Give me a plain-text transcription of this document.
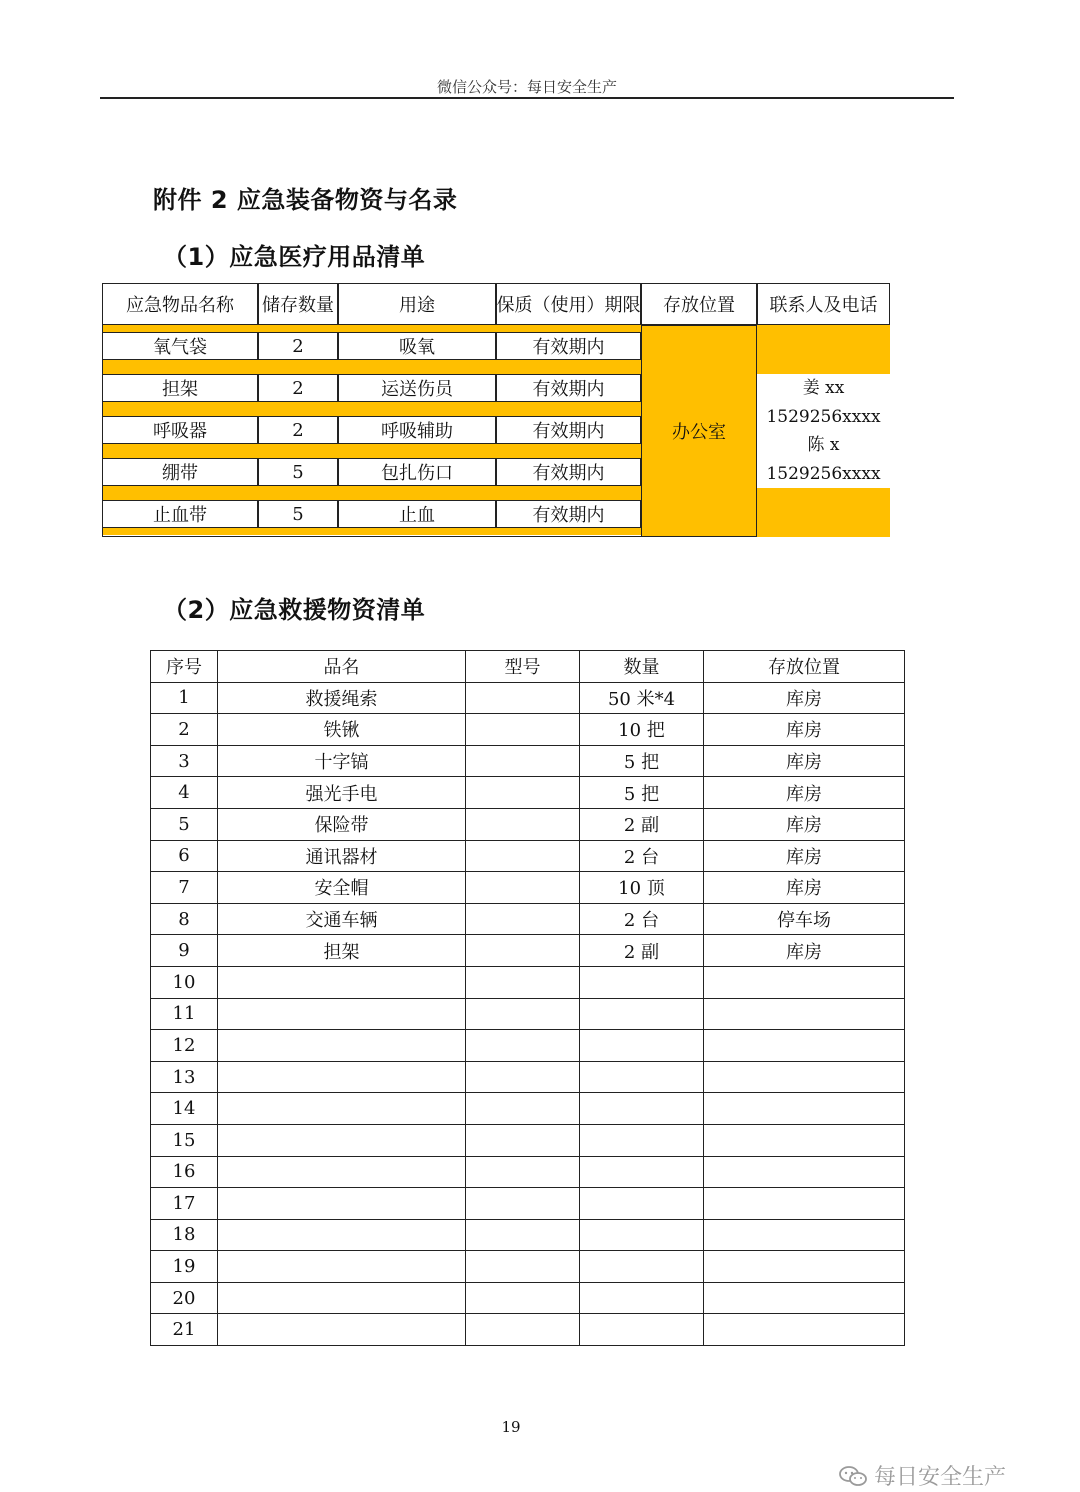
微信公众号：每日安全生产
附件 2 应急装备物资与名录
（1）应急医疗用品清单
应急物品名称	储存数量	用途	保质（使用）期限	存放位置	联系人及电话
氧气袋	2	吸氧	有效期内
担架	2	运送伤员	有效期内
呼吸器	2	呼吸辅助	有效期内
绷带	5	包扎伤口	有效期内
止血带	5	止血	有效期内
办公室
姜 xx
1529256xxxx
陈 x
1529256xxxx
（2）应急救援物资清单
序号	品名	型号	数量	存放位置
1	救援绳索		50 米*4	库房
2	铁锹		10 把	库房
3	十字镐		5 把	库房
4	强光手电		5 把	库房
5	保险带		2 副	库房
6	通讯器材		2 台	库房
7	安全帽		10 顶	库房
8	交通车辆		2 台	停车场
9	担架		2 副	库房
10				
11				
12				
13				
14				
15				
16				
17				
18				
19				
20				
21				
19
每日安全生产
